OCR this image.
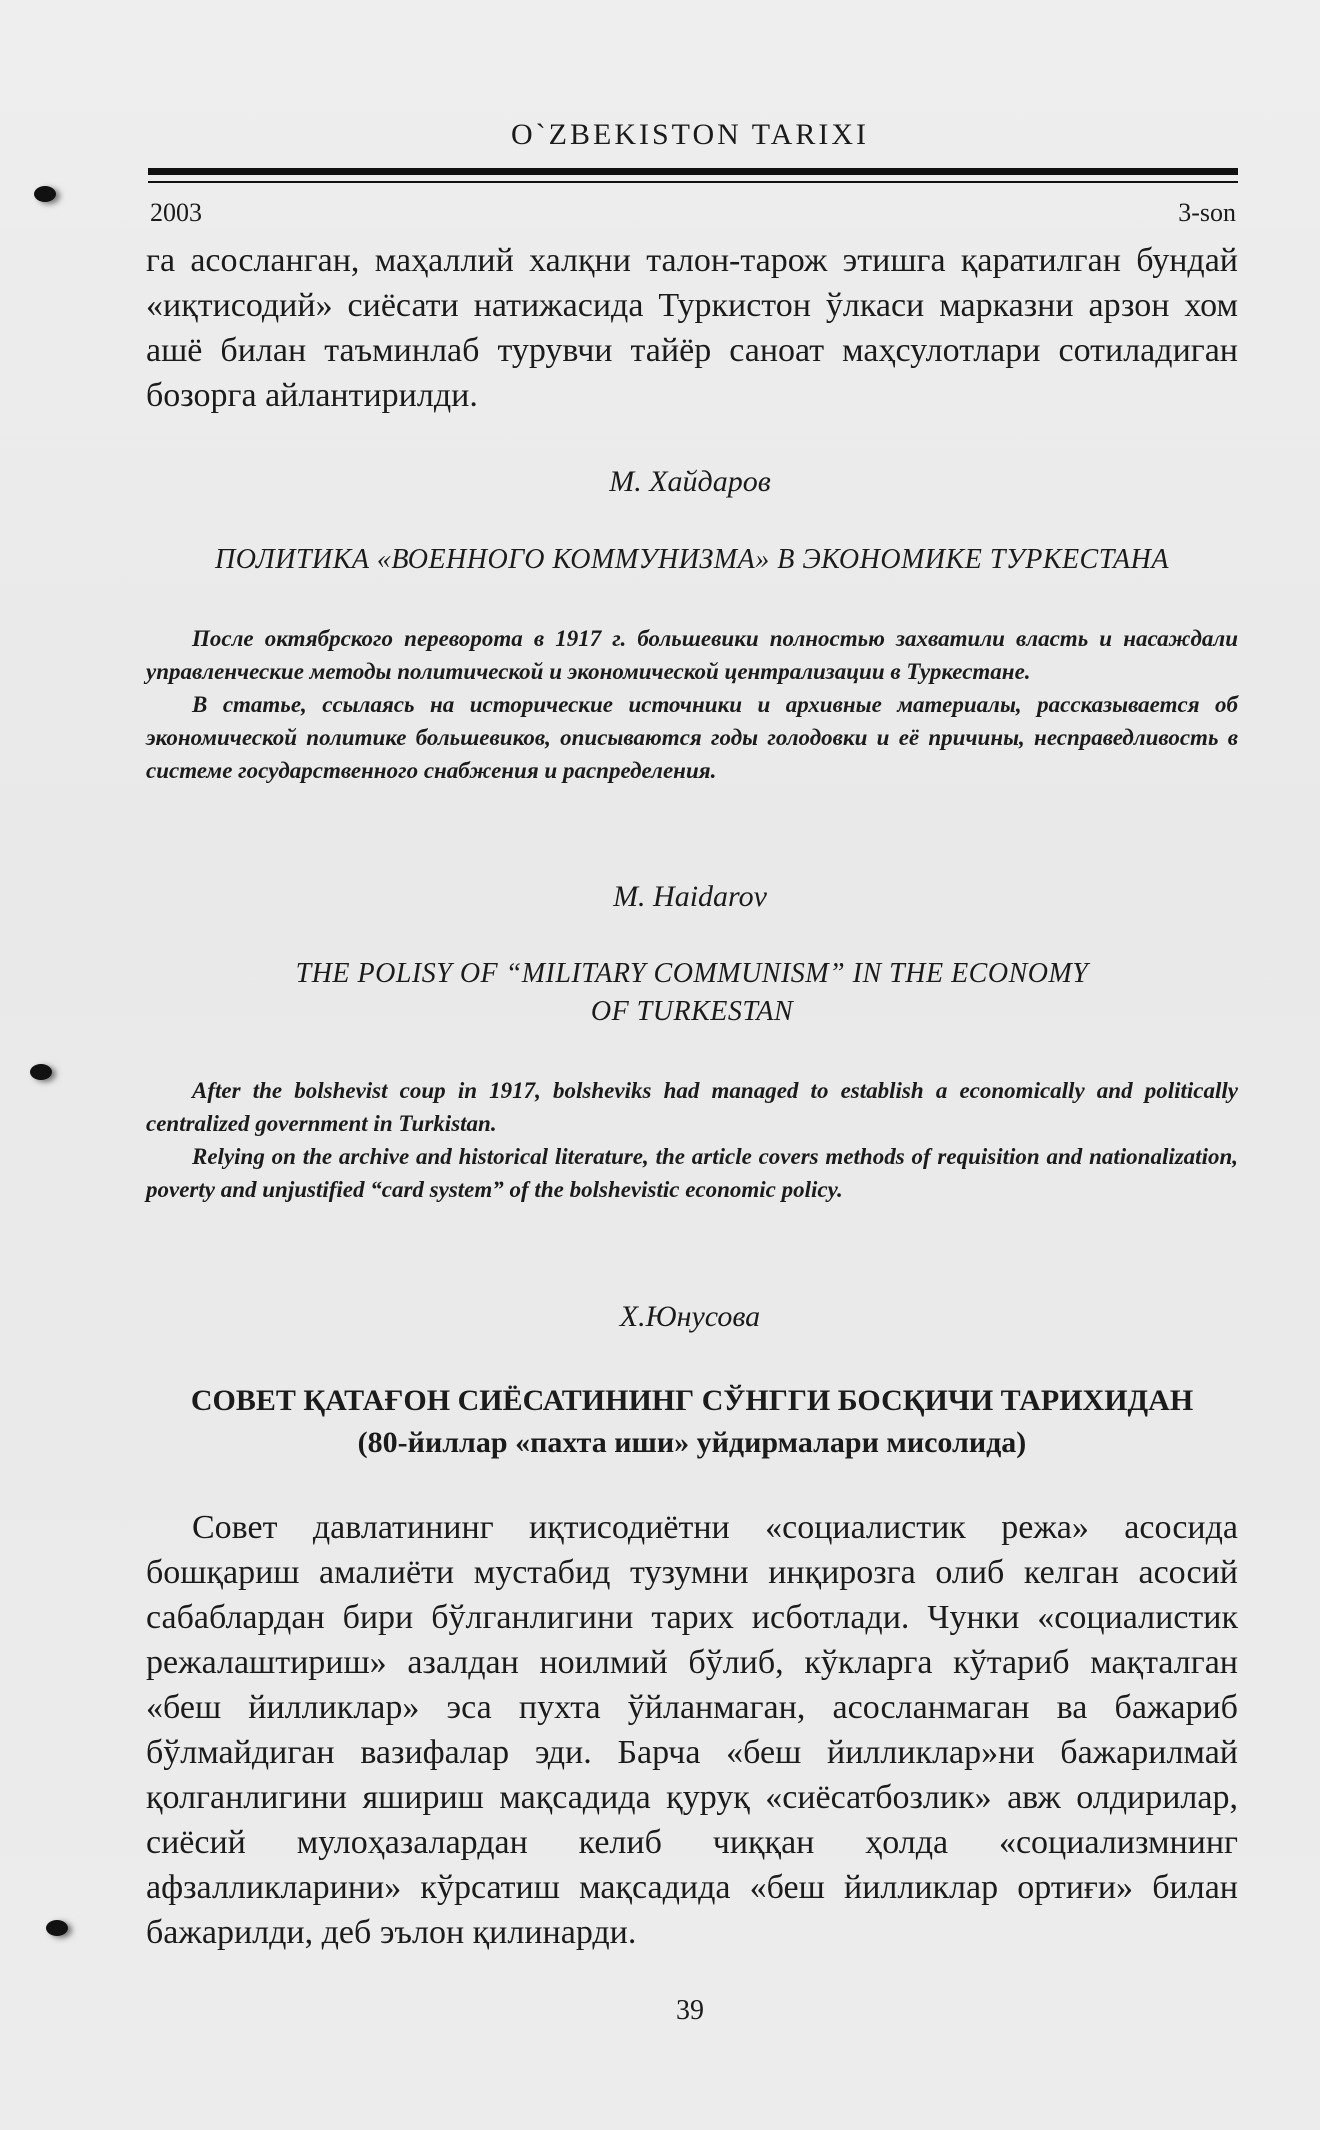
O`ZBEKISTON TARIXI
2003	3-son

га асосланган, маҳаллий халқни талон-тарож этишга қаратилган бундай «иқтисодий» сиёсати натижасида Туркистон ўлкаси марказни арзон хом ашё билан таъминлаб турувчи тайёр саноат маҳсулотлари сотиладиган бозорга айлантирилди.

М. Хайдаров
ПОЛИТИКА «ВОЕННОГО КОММУНИЗМА» В ЭКОНОМИКЕ ТУРКЕСТАНА

После октябрского переворота в 1917 г. большевики полностью захватили власть и насаждали управленческие методы политической и экономической централизации в Туркестане.

В статье, ссылаясь на исторические источники и архивные материалы, рассказывается об экономической политике большевиков, описываются годы голодовки и её причины, несправедливость в системе государственного снабжения и распределения.

M. Haidarov
THE POLISY OF “MILITARY COMMUNISM” IN THE ECONOMY
OF TURKESTAN

After the bolshevist coup in 1917, bolsheviks had managed to establish a economically and politically centralized government in Turkistan.

Relying on the archive and historical literature, the article covers methods of requisition and nationalization, poverty and unjustified “card system” of the bolshevistic economic policy.

Х.Юнусова
СОВЕТ ҚАТАҒОН СИЁСАТИНИНГ СЎНГГИ БОСҚИЧИ ТАРИХИДАН
(80-йиллар «пахта иши» уйдирмалари мисолида)

Совет давлатининг иқтисодиётни «социалистик режа» асосида бошқариш амалиёти мустабид тузумни инқирозга олиб келган асосий сабаблардан бири бўлганлигини тарих исботлади. Чунки «социалистик режалаштириш» азалдан ноилмий бўлиб, кўкларга кўтариб мақталган «беш йилликлар» эса пухта ўйланмаган, асосланмаган ва бажариб бўлмайдиган вазифалар эди. Барча «беш йилликлар»ни бажарилмай қолганлигини яшириш мақсадида қуруқ «сиёсатбозлик» авж олдирилар, сиёсий мулоҳазалардан келиб чиққан ҳолда «социализмнинг афзалликларини» кўрсатиш мақсадида «беш йилликлар ортиғи» билан бажарилди, деб эълон қилинарди.

39
